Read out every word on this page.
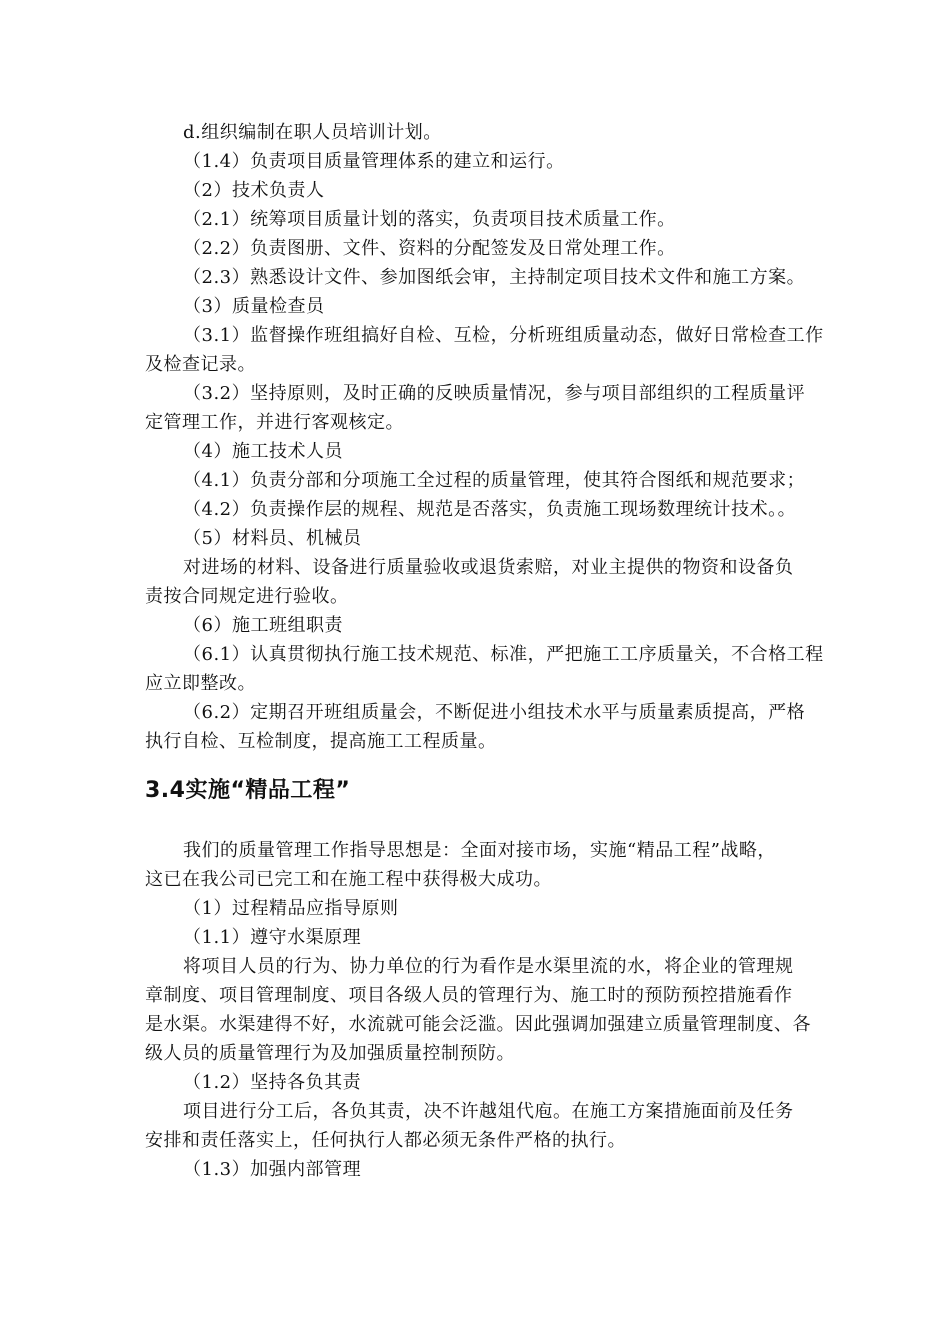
d.组织编制在职人员培训计划。
（1.4）负责项目质量管理体系的建立和运行。
（2）技术负责人
（2.1）统筹项目质量计划的落实，负责项目技术质量工作。
（2.2）负责图册、文件、资料的分配签发及日常处理工作。
（2.3）熟悉设计文件、参加图纸会审，主持制定项目技术文件和施工方案。
（3）质量检查员
（3.1）监督操作班组搞好自检、互检，分析班组质量动态，做好日常检查工作
及检查记录。
（3.2）坚持原则，及时正确的反映质量情况，参与项目部组织的工程质量评
定管理工作，并进行客观核定。
（4）施工技术人员
（4.1）负责分部和分项施工全过程的质量管理，使其符合图纸和规范要求；
（4.2）负责操作层的规程、规范是否落实，负责施工现场数理统计技术。。
（5）材料员、机械员
对进场的材料、设备进行质量验收或退货索赔，对业主提供的物资和设备负
责按合同规定进行验收。
（6）施工班组职责
（6.1）认真贯彻执行施工技术规范、标准，严把施工工序质量关，不合格工程
应立即整改。
（6.2）定期召开班组质量会，不断促进小组技术水平与质量素质提高，严格
执行自检、互检制度，提高施工工程质量。
3.4实施“精品工程”
我们的质量管理工作指导思想是：全面对接市场，实施“精品工程”战略，
这已在我公司已完工和在施工程中获得极大成功。
（1）过程精品应指导原则
（1.1）遵守水渠原理
将项目人员的行为、协力单位的行为看作是水渠里流的水，将企业的管理规
章制度、项目管理制度、项目各级人员的管理行为、施工时的预防预控措施看作
是水渠。水渠建得不好，水流就可能会泛滥。因此强调加强建立质量管理制度、各
级人员的质量管理行为及加强质量控制预防。
（1.2）坚持各负其责
项目进行分工后，各负其责，决不许越俎代庖。在施工方案措施面前及任务
安排和责任落实上，任何执行人都必须无条件严格的执行。
（1.3）加强内部管理
